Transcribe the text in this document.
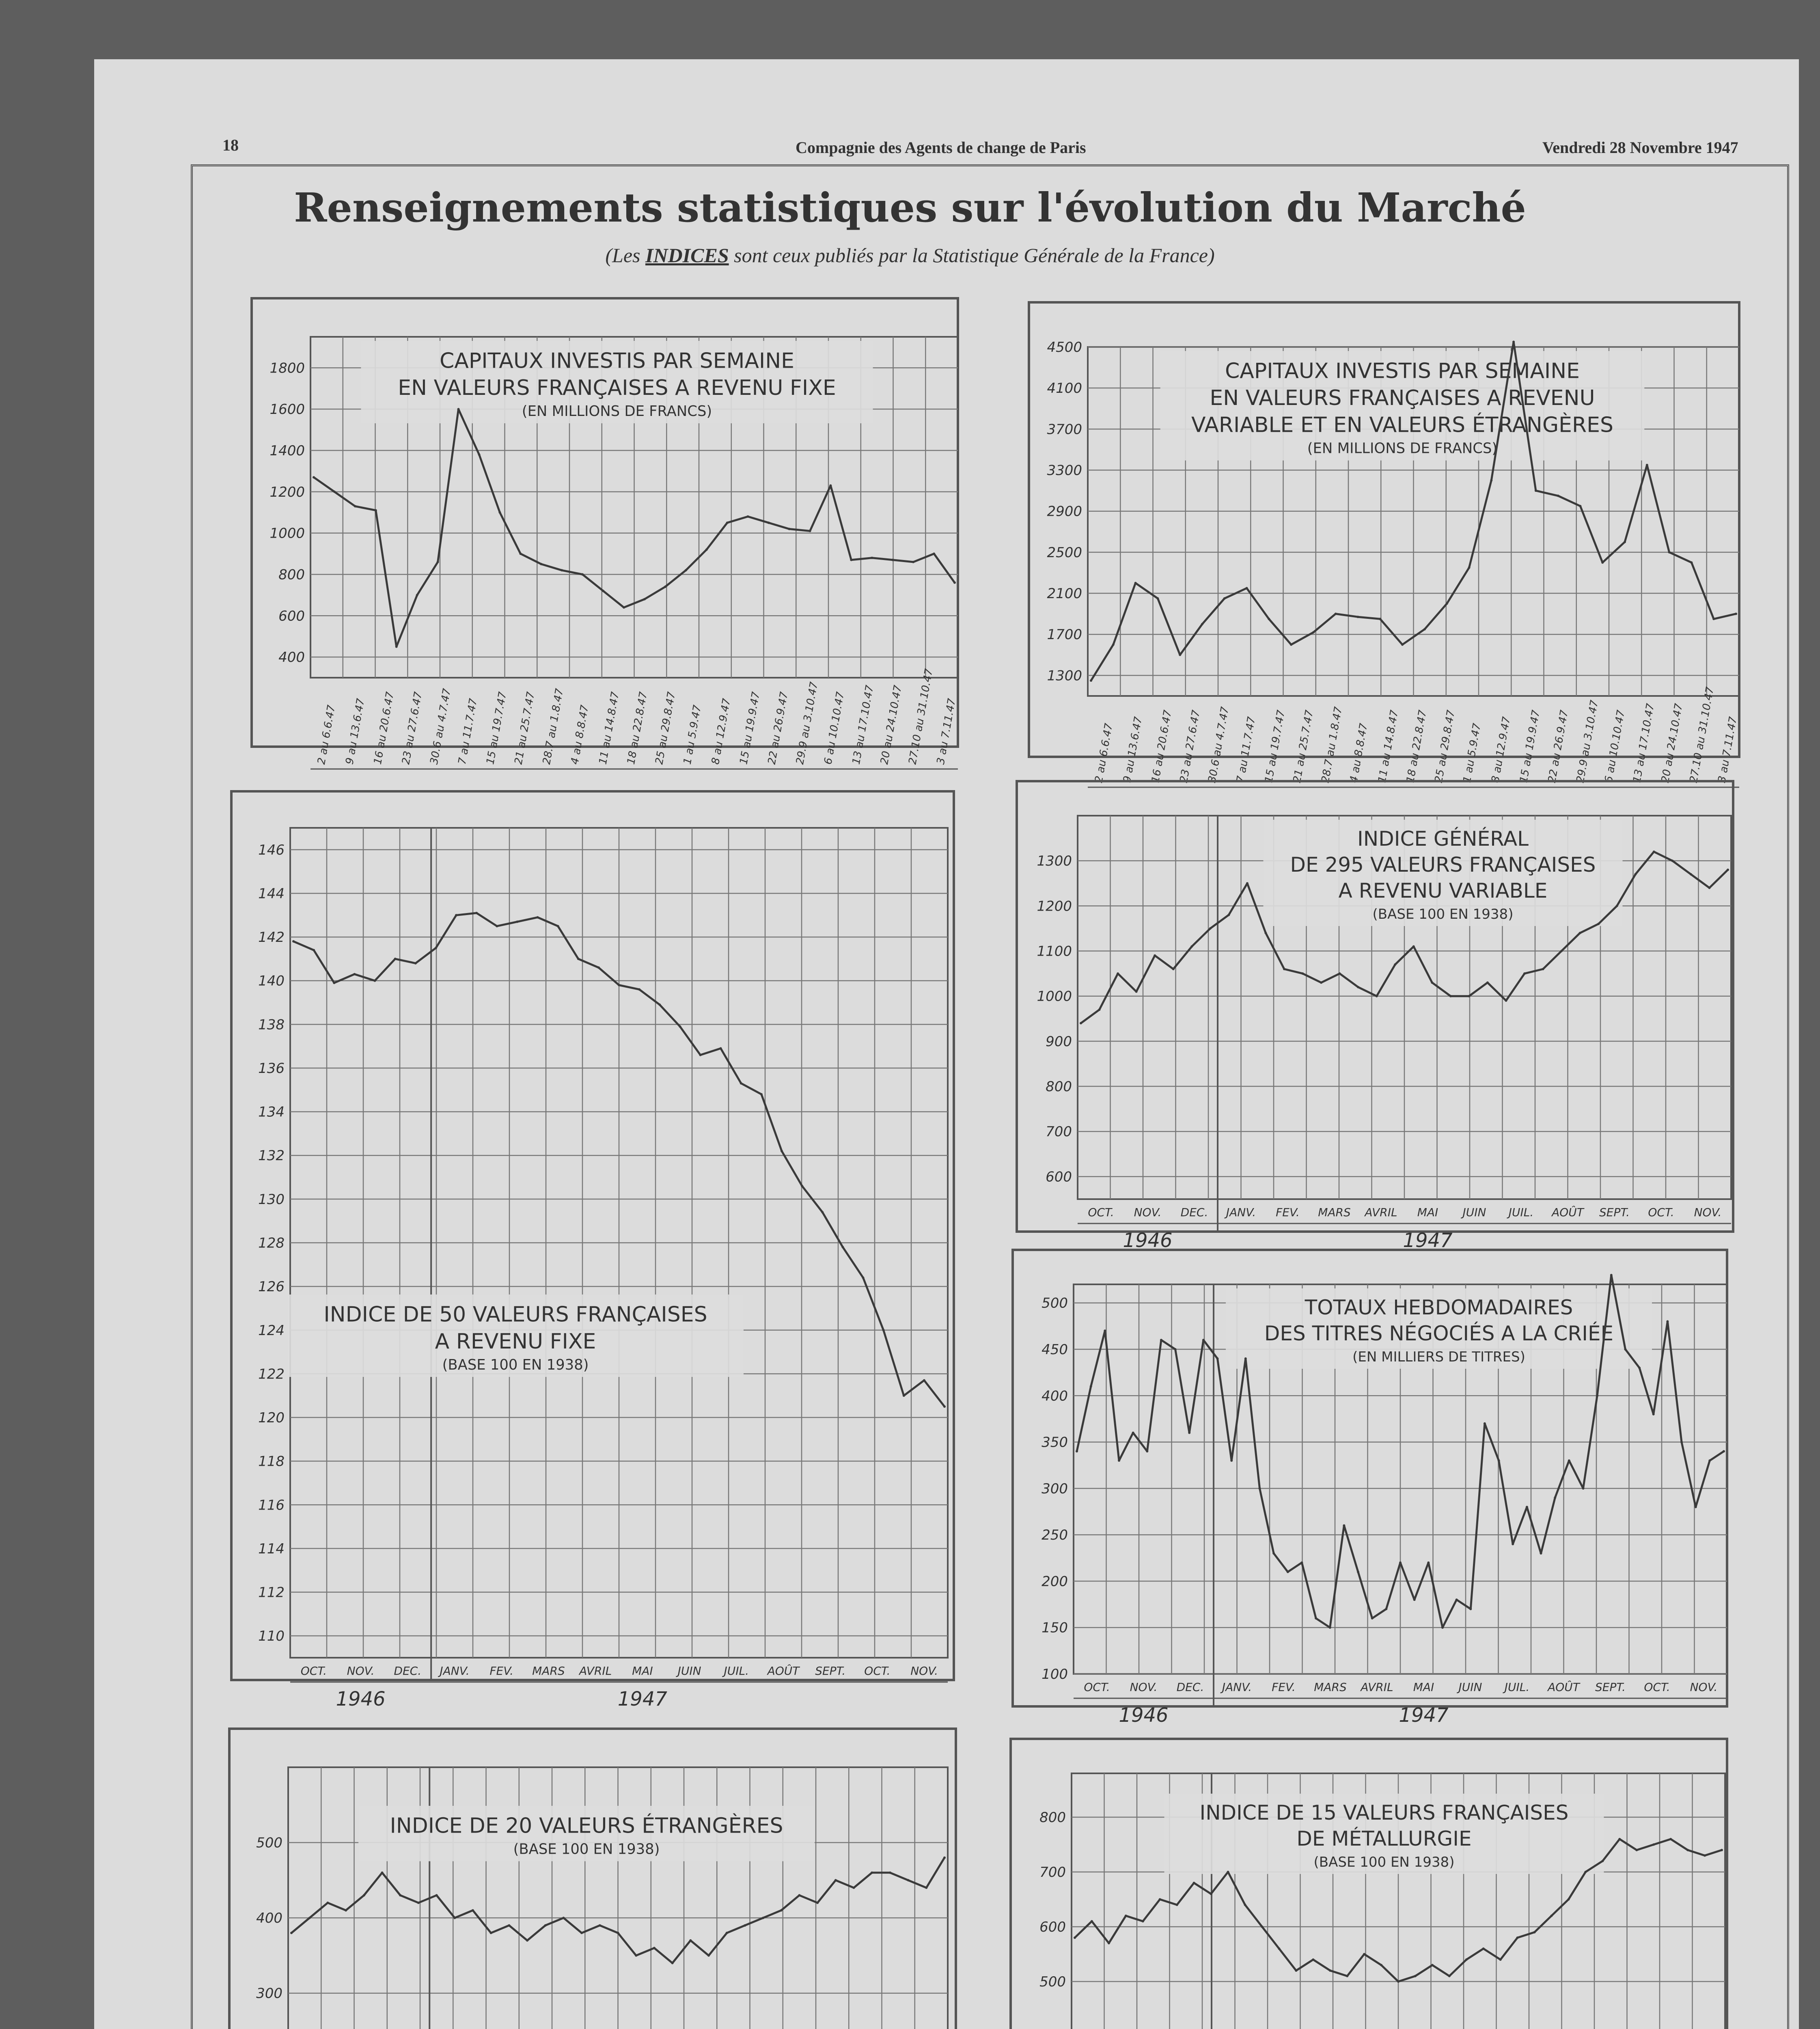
18	Compagnie des Agents de change de Paris	Vendredi 28 Novembre 1947
Renseignements statistiques sur l'évolution du Marché
(Les INDICES sont ceux publiés par la Statistique Générale de la France)
400
600
800
1000
1200
1400
1600
1800
2 au 6.6.47 9 au 13.6.47 16 au 20.6.47 23 au 27.6.47 30.6 au 4.7.47 7 au 11.7.47 15 au 19.7.47 21 au 25.7.47 28.7 au 1.8.47 4 au 8.8.47 11 au 14.8.47 18 au 22.8.47 25 au 29.8.47 1 au 5.9.47 8 au 12.9.47 15 au 19.9.47 22 au 26.9.47 29.9 au 3.10.47 6 au 10.10.47 13 au 17.10.47 20 au 24.10.47 27.10 au 31.10.47
3 au 7.11.47
CAPITAUX INVESTIS PAR SEMAINE
EN VALEURS FRANÇAISES A REVENU FIXE
(EN MILLIONS DE FRANCS)
1300
1700
2100
2500
2900
3300
3700
4100
4500
2 au 6.6.47 9 au 13.6.47 16 au 20.6.47 23 au 27.6.47 30.6 au 4.7.47 7 au 11.7.47 15 au 19.7.47 21 au 25.7.47 28.7 au 1.8.47 4 au 8.8.47 11 au 14.8.47 18 au 22.8.47 25 au 29.8.47 1 au 5.9.47 8 au 12.9.47 15 au 19.9.47 22 au 26.9.47 29.9 au 3.10.47 6 au 10.10.47 13 au 17.10.47 20 au 24.10.47 27.10 au 31.10.47
3 au 7.11.47
CAPITAUX INVESTIS PAR SEMAINE
EN VALEURS FRANÇAISES A REVENU
VARIABLE ET EN VALEURS ÉTRANGÈRES
(EN MILLIONS DE FRANCS)
110
112
114
116
118
120
122
124
126
128
130
132
134
136
138
140
142
144
146
OCT. NOV. DEC. JANV. FEV. MARS AVRIL MAI JUIN JUIL. AOÛT SEPT. OCT. NOV.
1946	1947
INDICE DE 50 VALEURS FRANÇAISES
A REVENU FIXE
(BASE 100 EN 1938)
600
700
800
900
1000
1100
1200
1300
OCT. NOV. DEC. JANV. FEV. MARS AVRIL MAI JUIN JUIL. AOÛT SEPT. OCT. NOV.
1946	1947
INDICE GÉNÉRAL
DE 295 VALEURS FRANÇAISES
A REVENU VARIABLE
(BASE 100 EN 1938)
100
150
200
250
300
350
400
450
500
OCT. NOV. DEC. JANV. FEV. MARS AVRIL MAI JUIN JUIL. AOÛT SEPT. OCT. NOV.
1946	1947
TOTAUX HEBDOMADAIRES
DES TITRES NÉGOCIÉS A LA CRIÉE
(EN MILLIERS DE TITRES)
300
400
500
INDICE DE 20 VALEURS ÉTRANGÈRES
(BASE 100 EN 1938)
500
600
700
800	INDICE DE 15 VALEURS FRANÇAISES
DE MÉTALLURGIE
(BASE 100 EN 1938)
